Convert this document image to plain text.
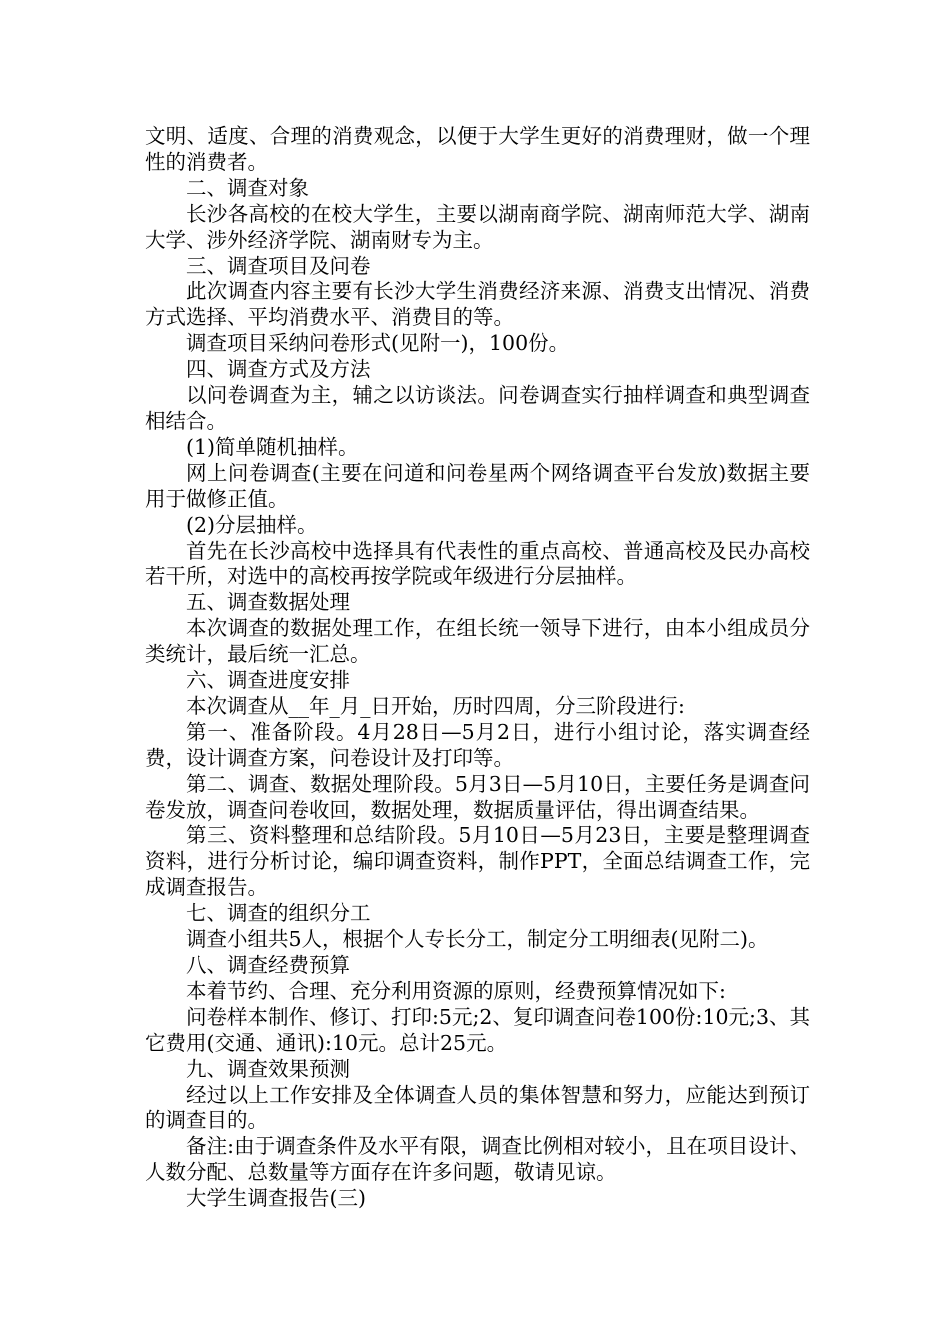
文明、适度、合理的消费观念，以便于大学生更好的消费理财，做一个理性的消费者。

二、调查对象

长沙各高校的在校大学生，主要以湖南商学院、湖南师范大学、湖南大学、涉外经济学院、湖南财专为主。

三、调查项目及问卷

此次调查内容主要有长沙大学生消费经济来源、消费支出情况、消费方式选择、平均消费水平、消费目的等。

调查项目采纳问卷形式(见附一)，100份。

四、调查方式及方法

以问卷调查为主，辅之以访谈法。问卷调查实行抽样调查和典型调查相结合。

(1)简单随机抽样。

网上问卷调查(主要在问道和问卷星两个网络调查平台发放)数据主要用于做修正值。

(2)分层抽样。

首先在长沙高校中选择具有代表性的重点高校、普通高校及民办高校若干所，对选中的高校再按学院或年级进行分层抽样。

五、调查数据处理

本次调查的数据处理工作，在组长统一领导下进行，由本小组成员分类统计，最后统一汇总。

六、调查进度安排

本次调查从__年_月_日开始，历时四周，分三阶段进行:

第一、准备阶段。4月28日—5月2日，进行小组讨论，落实调查经费，设计调查方案，问卷设计及打印等。

第二、调查、数据处理阶段。5月3日—5月10日，主要任务是调查问卷发放，调查问卷收回，数据处理，数据质量评估，得出调查结果。

第三、资料整理和总结阶段。5月10日—5月23日，主要是整理调查资料，进行分析讨论，编印调查资料，制作PPT，全面总结调查工作，完成调查报告。

七、调查的组织分工

调查小组共5人，根据个人专长分工，制定分工明细表(见附二)。

八、调查经费预算

本着节约、合理、充分利用资源的原则，经费预算情况如下:

问卷样本制作、修订、打印:5元;2、复印调查问卷100份:10元;3、其它费用(交通、通讯):10元。总计25元。

九、调查效果预测

经过以上工作安排及全体调查人员的集体智慧和努力，应能达到预订的调查目的。

备注:由于调查条件及水平有限，调查比例相对较小，且在项目设计、人数分配、总数量等方面存在许多问题，敬请见谅。

大学生调查报告(三)
